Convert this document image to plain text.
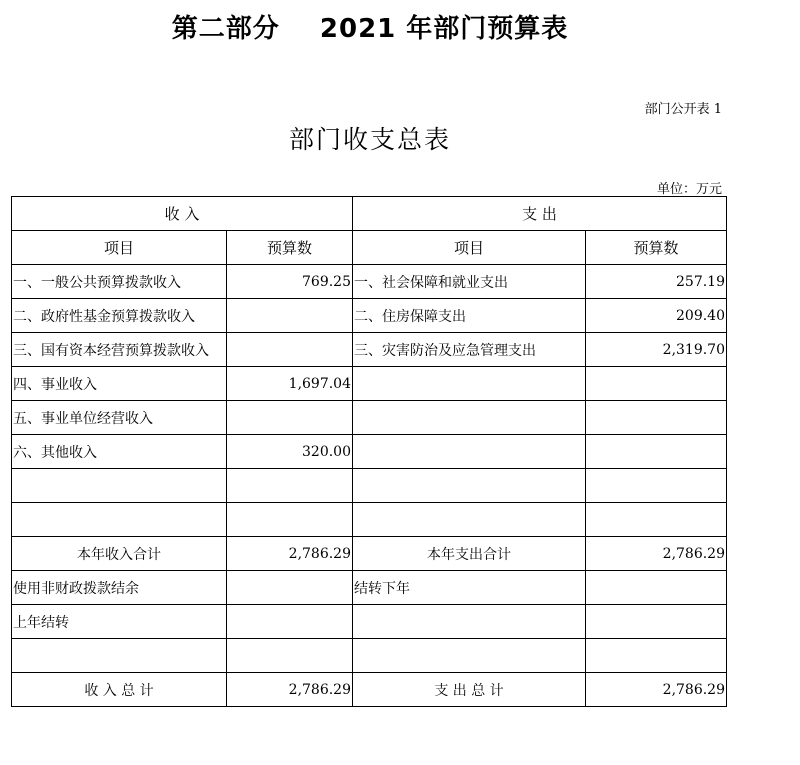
第二部分    2021 年部门预算表
部门公开表 1
部门收支总表
单位：万元
收 入		支 出	
项目	预算数	项目	预算数
一、一般公共预算拨款收入	769.25	一、社会保障和就业支出	257.19
二、政府性基金预算拨款收入		二、住房保障支出	209.40
三、国有资本经营预算拨款收入		三、灾害防治及应急管理支出	2,319.70
四、事业收入	1,697.04		
五、事业单位经营收入			
六、其他收入	320.00		

本年收入合计	2,786.29	本年支出合计	2,786.29
使用非财政拨款结余		结转下年	
上年结转			

收 入 总 计	2,786.29	支 出 总 计	2,786.29
